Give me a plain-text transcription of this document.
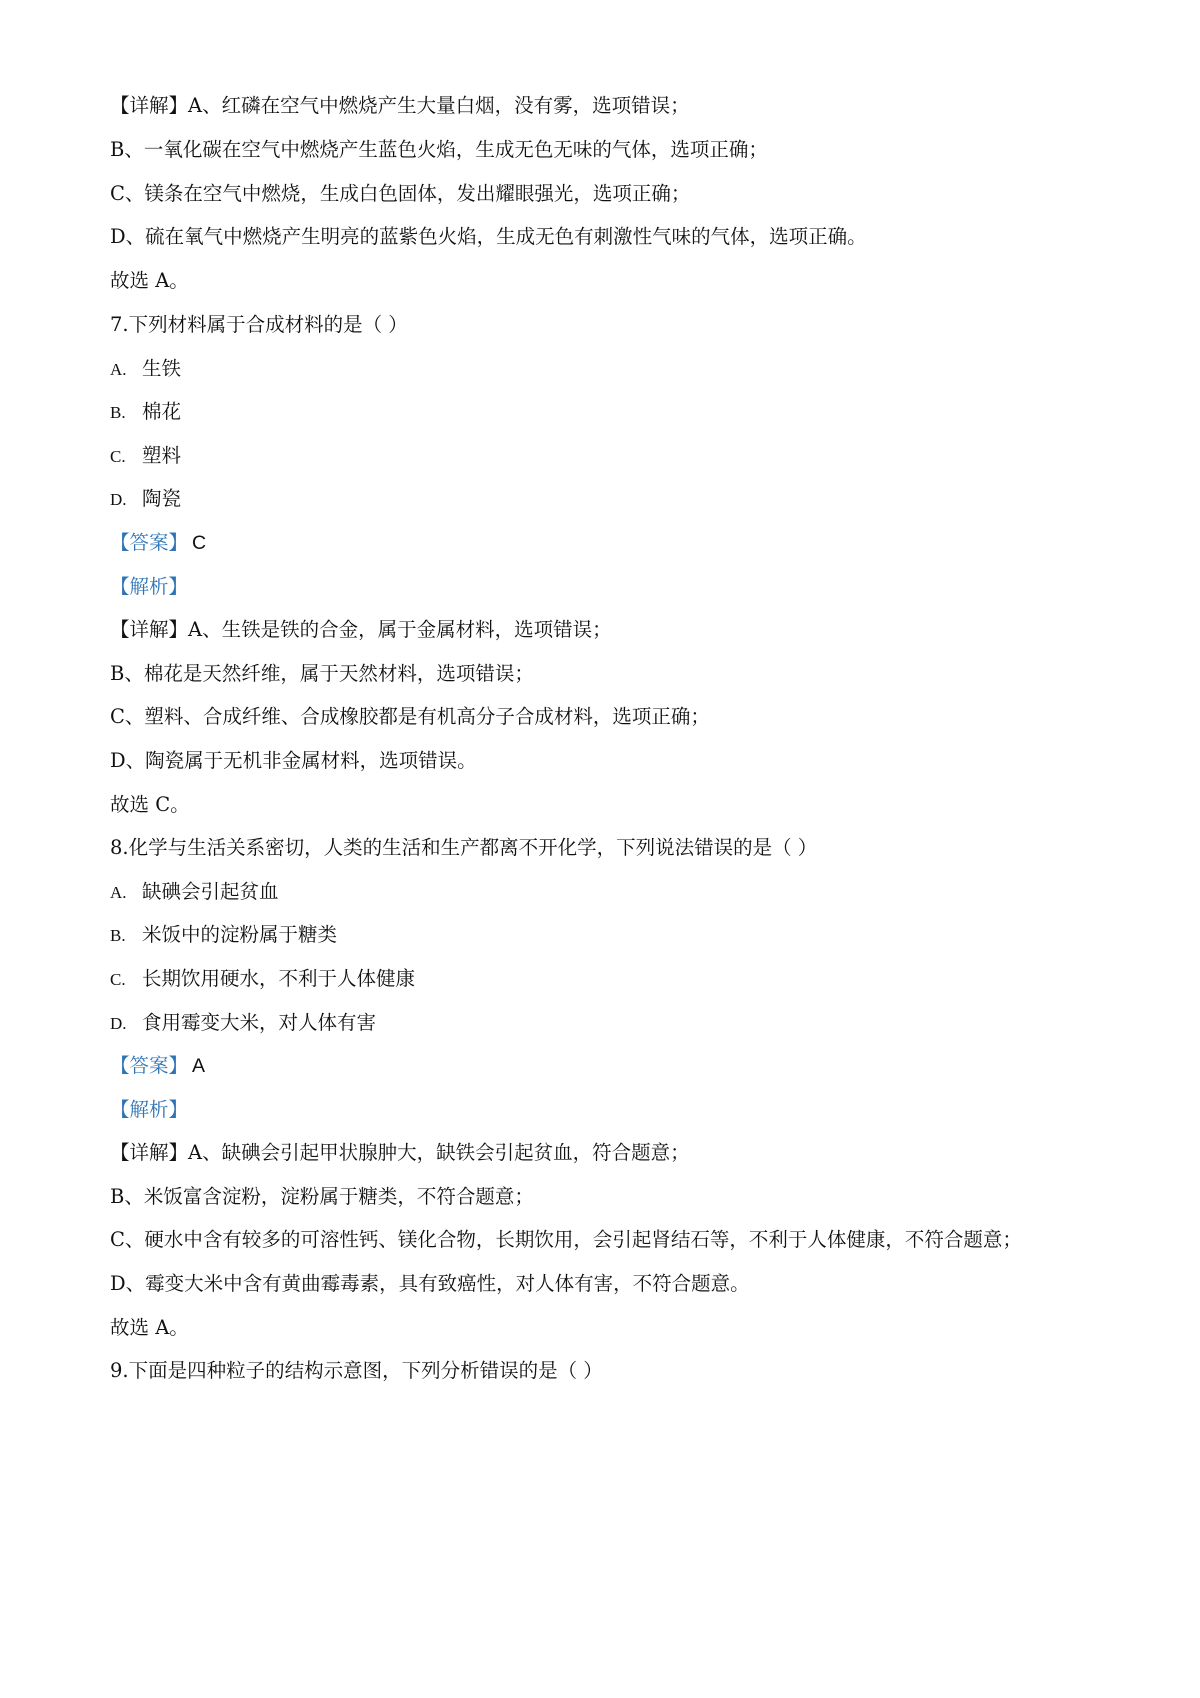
【详解】A、红磷在空气中燃烧产生大量白烟，没有雾，选项错误；
B、一氧化碳在空气中燃烧产生蓝色火焰，生成无色无味的气体，选项正确；
C、镁条在空气中燃烧，生成白色固体，发出耀眼强光，选项正确；
D、硫在氧气中燃烧产生明亮的蓝紫色火焰，生成无色有刺激性气味的气体，选项正确。
故选 A。
7.下列材料属于合成材料的是（ ）
A. 生铁
B. 棉花
C. 塑料
D. 陶瓷
【答案】 C
【解析】
【详解】A、生铁是铁的合金，属于金属材料，选项错误；
B、棉花是天然纤维，属于天然材料，选项错误；
C、塑料、合成纤维、合成橡胶都是有机高分子合成材料，选项正确；
D、陶瓷属于无机非金属材料，选项错误。
故选 C。
8.化学与生活关系密切，人类的生活和生产都离不开化学，下列说法错误的是（ ）
A. 缺碘会引起贫血
B. 米饭中的淀粉属于糖类
C. 长期饮用硬水，不利于人体健康
D. 食用霉变大米，对人体有害
【答案】 A
【解析】
【详解】A、缺碘会引起甲状腺肿大，缺铁会引起贫血，符合题意；
B、米饭富含淀粉，淀粉属于糖类，不符合题意；
C、硬水中含有较多的可溶性钙、镁化合物，长期饮用，会引起肾结石等，不利于人体健康，不符合题意；
D、霉变大米中含有黄曲霉毒素，具有致癌性，对人体有害，不符合题意。
故选 A。
9.下面是四种粒子的结构示意图，下列分析错误的是（ ）
